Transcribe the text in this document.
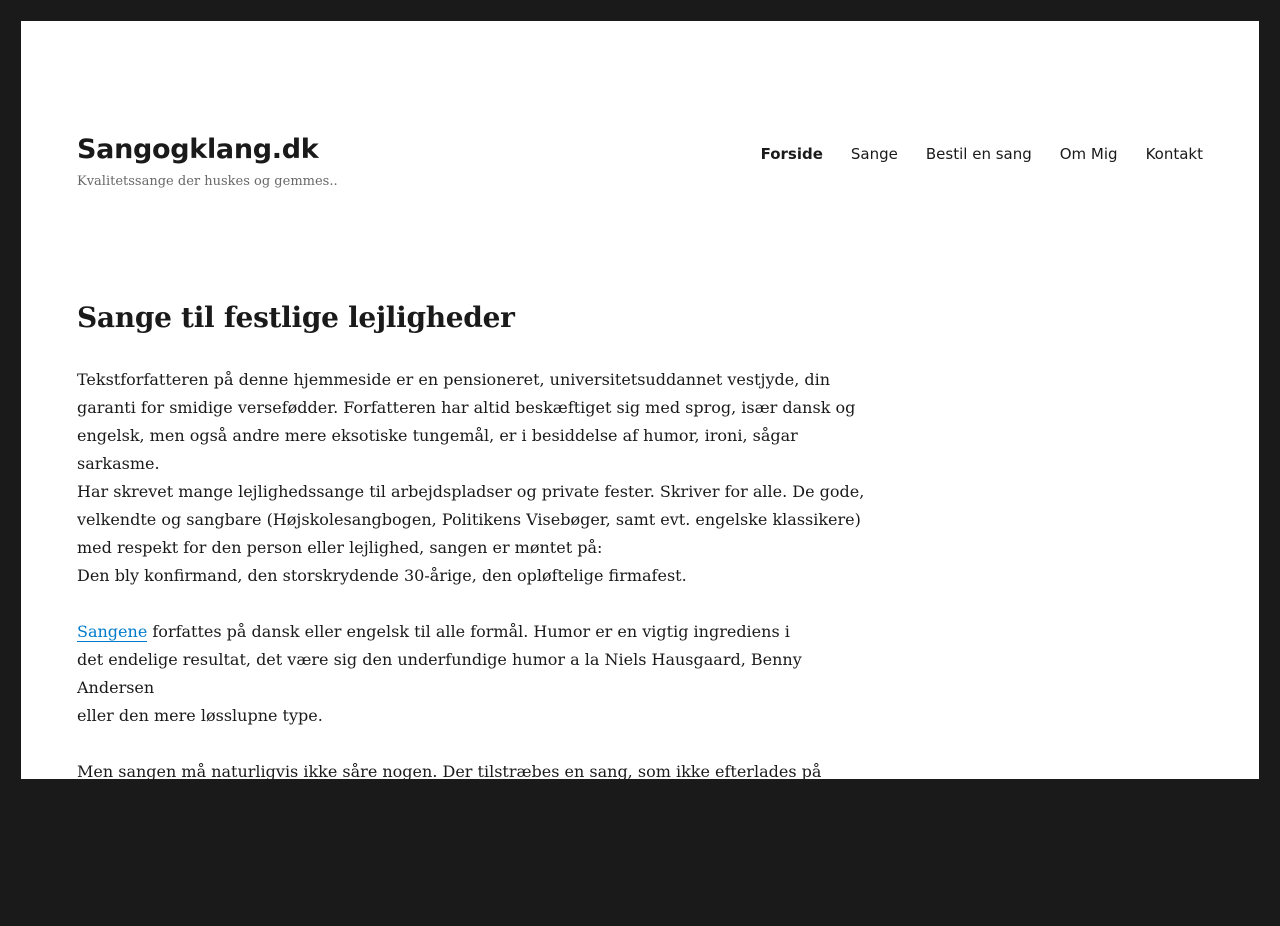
Sangogklang.dk
Kvalitetssange der huskes og gemmes..
Forside Sange Bestil en sang Om Mig Kontakt
Sange til festlige lejligheder

Tekstforfatteren på denne hjemmeside er en pensioneret, universitetsuddannet vestjyde, din
garanti for smidige versefødder. Forfatteren har altid beskæftiget sig med sprog, især dansk og
engelsk, men også andre mere eksotiske tungemål, er i besiddelse af humor, ironi, sågar sarkasme.
Har skrevet mange lejlighedssange til arbejdspladser og private fester. Skriver for alle. De gode,
velkendte og sangbare (Højskolesangbogen, Politikens Visebøger, samt evt. engelske klassikere)
med respekt for den person eller lejlighed, sangen er møntet på:
Den bly konfirmand, den storskrydende 30-årige, den opløftelige firmafest.

Sangene forfattes på dansk eller engelsk til alle formål. Humor er en vigtig ingrediens i
det endelige resultat, det være sig den underfundige humor a la Niels Hausgaard, Benny Andersen
eller den mere løsslupne type.

Men sangen må naturligvis ikke såre nogen. Der tilstræbes en sang, som ikke efterlades på bordet
efter festen, men som tages med hjem og gemmes i scrapbogen. Altså en personlig sang , der
snarere end at være en massefabrikeret skabelonsang, er en verbal kavalkade over hvad der er sket
